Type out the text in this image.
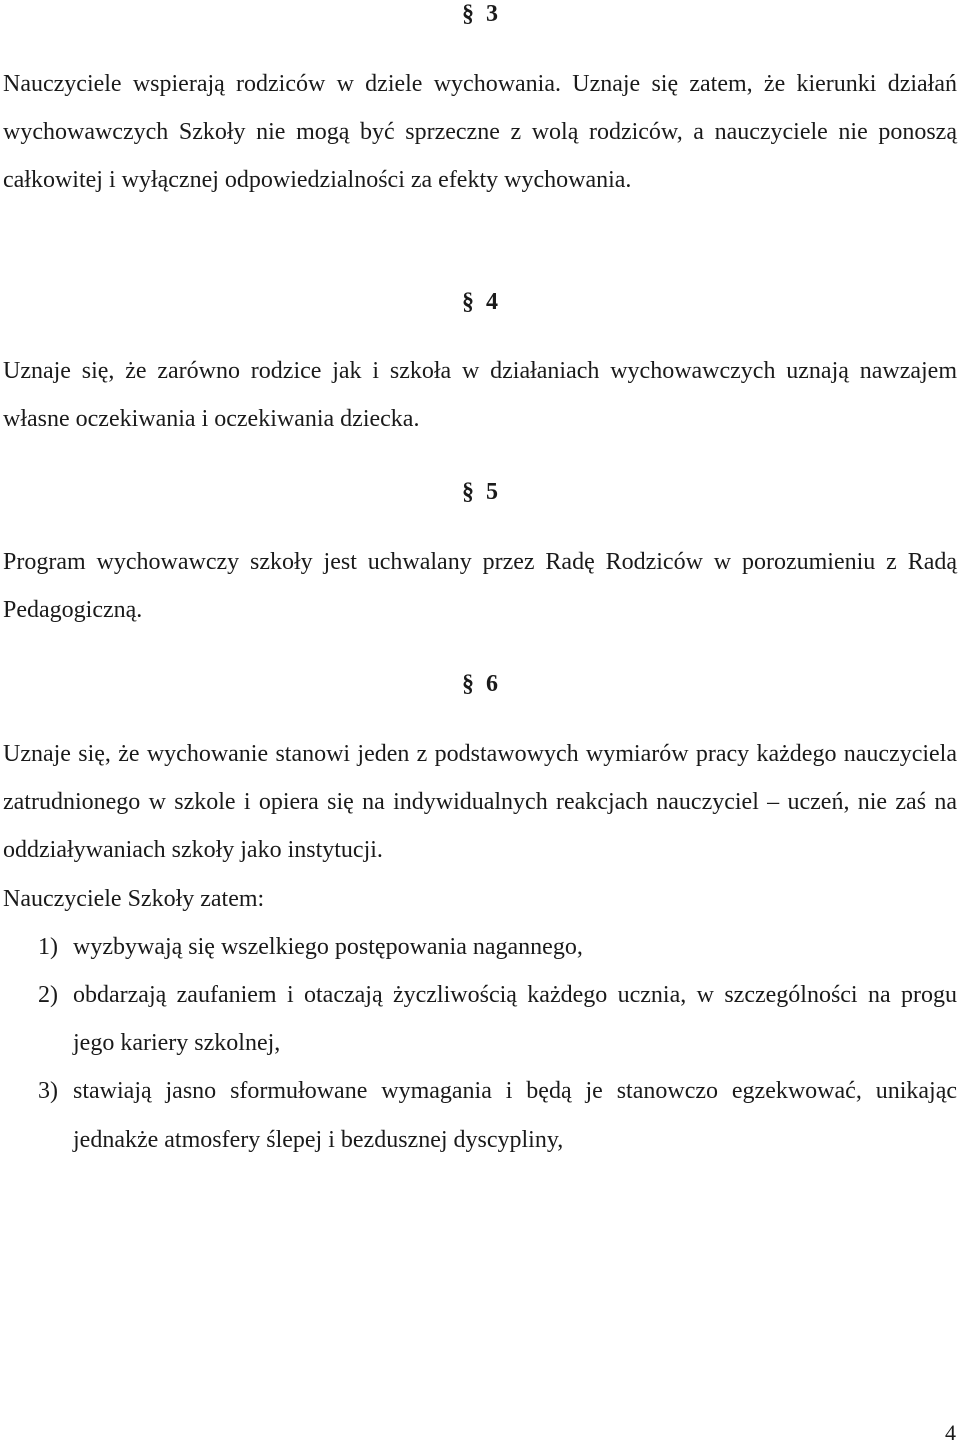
§ 3

Nauczyciele wspierają rodziców w dziele wychowania. Uznaje się zatem, że kierunki działań wychowawczych Szkoły nie mogą być sprzeczne z wolą rodziców, a nauczyciele nie ponoszą całkowitej i wyłącznej odpowiedzialności za efekty wychowania.

§ 4

Uznaje się, że zarówno rodzice jak i szkoła w działaniach wychowawczych uznają nawzajem własne oczekiwania i oczekiwania dziecka.

§ 5

Program wychowawczy szkoły jest uchwalany przez Radę Rodziców w porozumieniu z Radą Pedagogiczną.

§ 6

Uznaje się, że wychowanie stanowi jeden z podstawowych wymiarów pracy każdego nauczyciela zatrudnionego w szkole i opiera się na indywidualnych reakcjach nauczyciel – uczeń, nie zaś na oddziaływaniach szkoły jako instytucji.

Nauczyciele Szkoły zatem:

1) wyzbywają się wszelkiego postępowania nagannego,
2) obdarzają zaufaniem i otaczają życzliwością każdego ucznia, w szczególności na progu jego kariery szkolnej,
3) stawiają jasno sformułowane wymagania i będą je stanowczo egzekwować, unikając jednakże atmosfery ślepej i bezdusznej dyscypliny,
4
